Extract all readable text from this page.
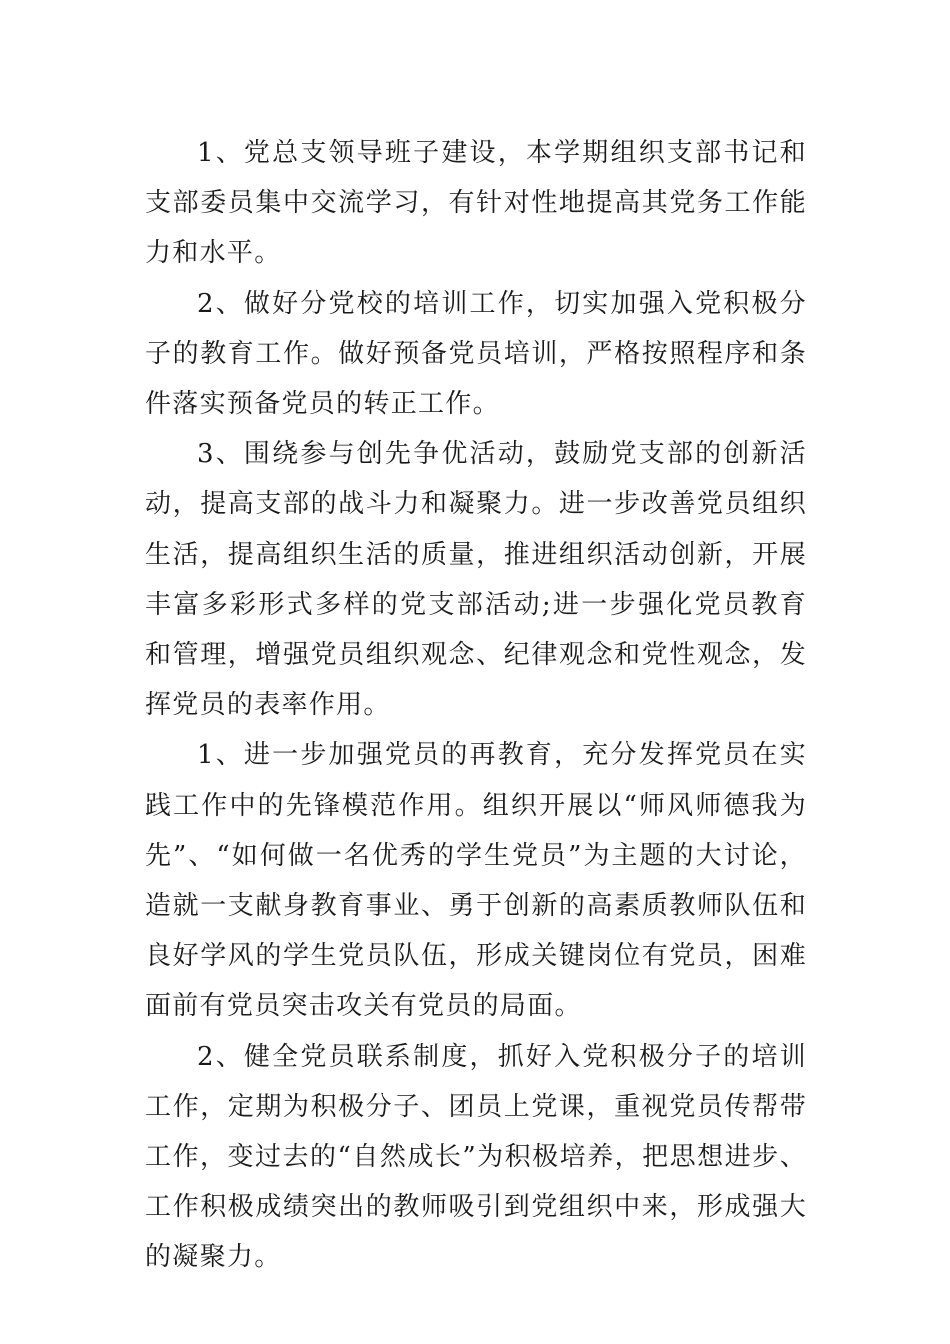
1、党总支领导班子建设，本学期组织支部书记和支部委员集中交流学习，有针对性地提高其党务工作能力和水平。

2、做好分党校的培训工作，切实加强入党积极分子的教育工作。做好预备党员培训，严格按照程序和条件落实预备党员的转正工作。

3、围绕参与创先争优活动，鼓励党支部的创新活动，提高支部的战斗力和凝聚力。进一步改善党员组织生活，提高组织生活的质量，推进组织活动创新，开展丰富多彩形式多样的党支部活动;进一步强化党员教育和管理，增强党员组织观念、纪律观念和党性观念，发挥党员的表率作用。

1、进一步加强党员的再教育，充分发挥党员在实践工作中的先锋模范作用。组织开展以“师风师德我为先”、“如何做一名优秀的学生党员”为主题的大讨论，造就一支献身教育事业、勇于创新的高素质教师队伍和良好学风的学生党员队伍，形成关键岗位有党员，困难面前有党员突击攻关有党员的局面。

2、健全党员联系制度，抓好入党积极分子的培训工作，定期为积极分子、团员上党课，重视党员传帮带工作，变过去的“自然成长”为积极培养，把思想进步、工作积极成绩突出的教师吸引到党组织中来，形成强大的凝聚力。
